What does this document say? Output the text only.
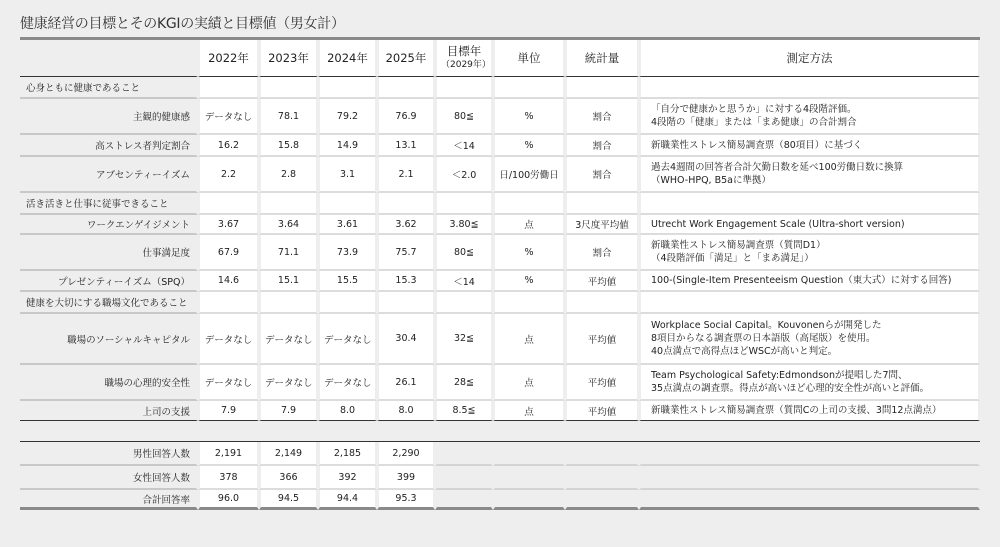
健康経営の目標とそのKGIの実績と目標値（男女計）
	2022年	2023年	2024年	2025年	目標年
（2029年）	単位	統計量	測定方法
心身ともに健康であること								
主観的健康感	データなし	78.1	79.2	76.9	80≦	%	割合	「自分で健康かと思うか」に対する4段階評価。
4段階の「健康」または「まあ健康」の合計割合

高ストレス者判定割合	16.2	15.8	14.9	13.1	＜14	%	割合	新職業性ストレス簡易調査票（80項目）に基づく

アブセンティーイズム	2.2	2.8	3.1	2.1	＜2.0	日/100労働日	割合	過去4週間の回答者合計欠勤日数を延べ100労働日数に換算
（WHO-HPQ, B5aに準拠）

活き活きと仕事に従事できること								
ワークエンゲイジメント	3.67	3.64	3.61	3.62	3.80≦	点	3尺度平均値	Utrecht Work Engagement Scale (Ultra-short version)

仕事満足度	67.9	71.1	73.9	75.7	80≦	%	割合	新職業性ストレス簡易調査票（質問D1）
（4段階評価「満足」と「まあ満足」）

プレゼンティーイズム（SPQ）	14.6	15.1	15.5	15.3	＜14	%	平均値	100-(Single-Item Presenteeism Question（東大式）に対する回答)

健康を大切にする職場文化であること								
職場のソーシャルキャピタル	データなし	データなし	データなし	30.4	32≦	点	平均値	Workplace Social Capital。Kouvonenらが開発した
8項目からなる調査票の日本語版（高尾版）を使用。
40点満点で高得点ほどWSCが高いと判定。

職場の心理的安全性	データなし	データなし	データなし	26.1	28≦	点	平均値	Team Psychological Safety:Edmondsonが提唱した7問、
35点満点の調査票。得点が高いほど心理的安全性が高いと評価。

上司の支援	7.9	7.9	8.0	8.0	8.5≦	点	平均値	新職業性ストレス簡易調査票（質問Cの上司の支援、3問12点満点）

男性回答人数	2,191	2,149	2,185	2,290				
女性回答人数	378	366	392	399				
合計回答率	96.0	94.5	94.4	95.3				
